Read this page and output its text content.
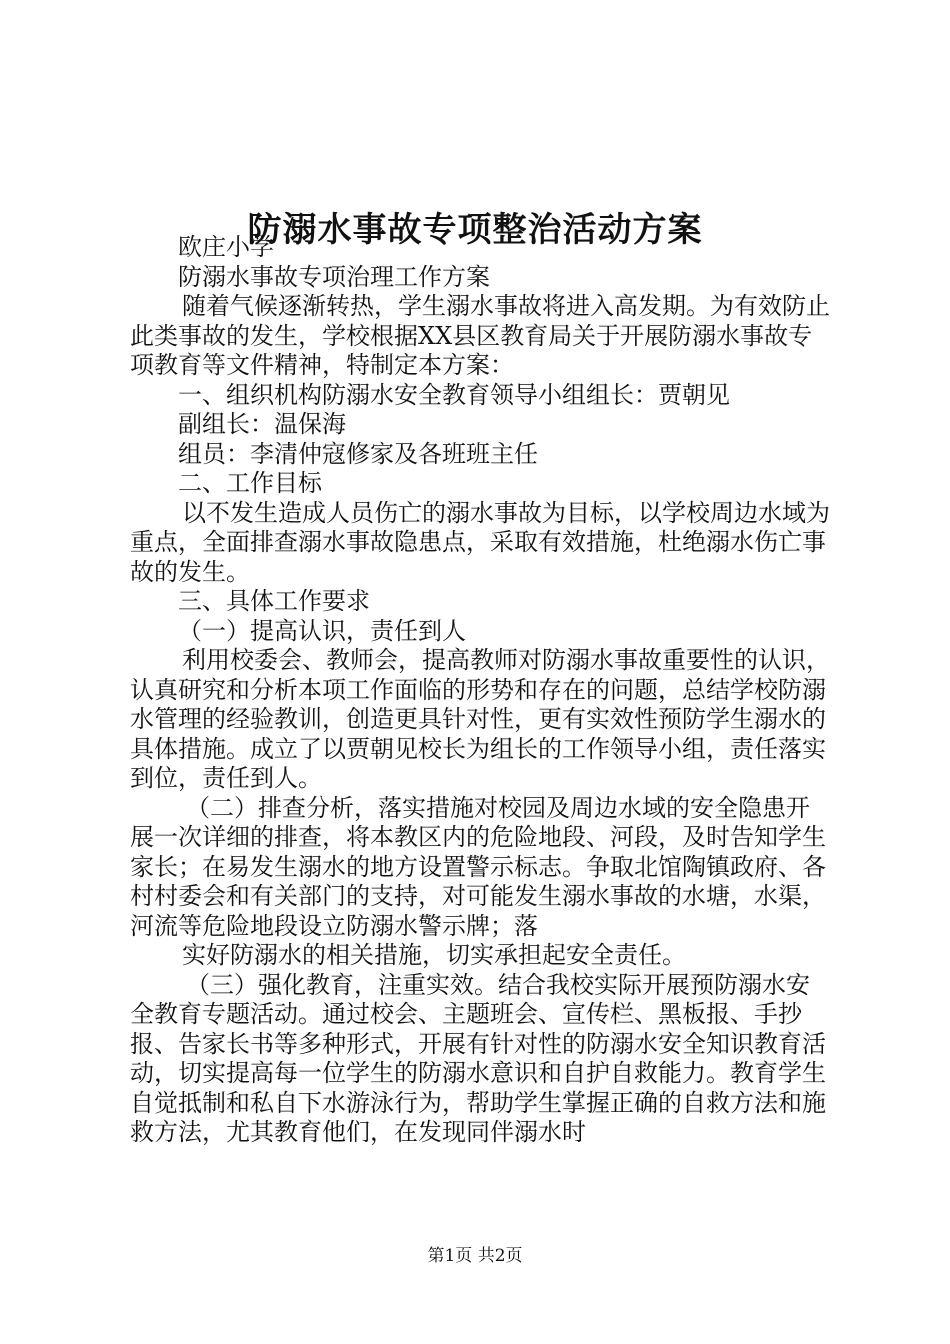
防溺水事故专项整治活动方案

欧庄小学

防溺水事故专项治理工作方案

随着气候逐渐转热，学生溺水事故将进入高发期。为有效防止此类事故的发生，学校根据XX县区教育局关于开展防溺水事故专项教育等文件精神，特制定本方案：

一、组织机构防溺水安全教育领导小组组长：贾朝见

副组长：温保海

组员：李清仲寇修家及各班班主任

二、工作目标

以不发生造成人员伤亡的溺水事故为目标，以学校周边水域为重点，全面排查溺水事故隐患点，采取有效措施，杜绝溺水伤亡事故的发生。

三、具体工作要求

（一）提高认识，责任到人

利用校委会、教师会，提高教师对防溺水事故重要性的认识，认真研究和分析本项工作面临的形势和存在的问题，总结学校防溺水管理的经验教训，创造更具针对性，更有实效性预防学生溺水的具体措施。成立了以贾朝见校长为组长的工作领导小组，责任落实到位，责任到人。

（二）排查分析，落实措施对校园及周边水域的安全隐患开展一次详细的排查，将本教区内的危险地段、河段，及时告知学生家长；在易发生溺水的地方设置警示标志。争取北馆陶镇政府、各村村委会和有关部门的支持，对可能发生溺水事故的水塘，水渠，河流等危险地段设立防溺水警示牌；落

实好防溺水的相关措施，切实承担起安全责任。

（三）强化教育，注重实效。结合我校实际开展预防溺水安全教育专题活动。通过校会、主题班会、宣传栏、黑板报、手抄报、告家长书等多种形式，开展有针对性的防溺水安全知识教育活动，切实提高每一位学生的防溺水意识和自护自救能力。教育学生自觉抵制和私自下水游泳行为，帮助学生掌握正确的自救方法和施救方法，尤其教育他们，在发现同伴溺水时

第1页 共2页
